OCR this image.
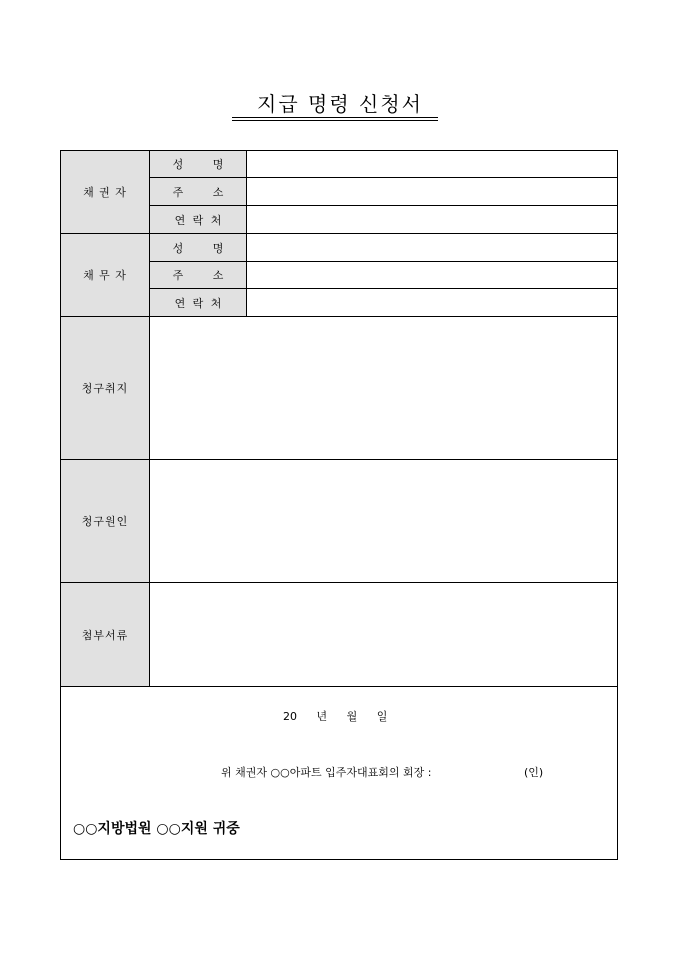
지급 명령 신청서
채 권 자	성 명	
	주 소	
	연 락 처	
채 무 자	성 명	
	주 소	
	연 락 처	
청구취지		
청구원인		
첨부서류		

20 년 월 일
위 채권자 ○○아파트 입주자대표회의 회장 : (인)
○○지방법원 ○○지원 귀중		
